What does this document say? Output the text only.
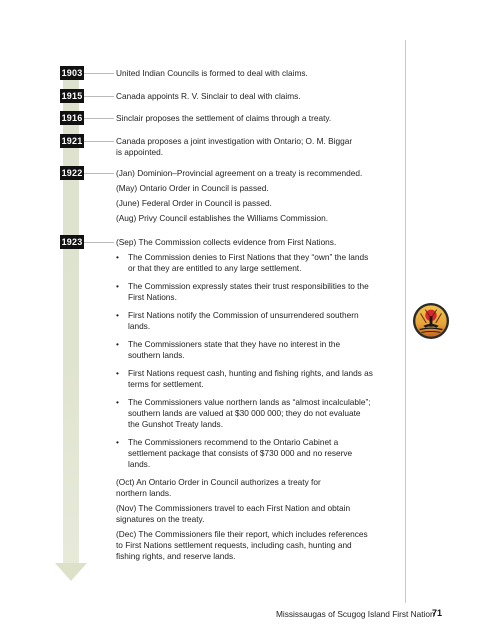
1903	United Indian Councils is formed to deal with claims.
1915	Canada appoints R. V. Sinclair to deal with claims.
1916	Sinclair proposes the settlement of claims through a treaty.
1921	Canada proposes a joint investigation with Ontario; O. M. Biggar
is appointed.
1922	(Jan) Dominion–Provincial agreement on a treaty is recommended.
(May) Ontario Order in Council is passed.
(June) Federal Order in Council is passed.
(Aug) Privy Council establishes the Williams Commission.
1923	(Sep) The Commission collects evidence from First Nations.
• The Commission denies to First Nations that they “own” the lands
or that they are entitled to any large settlement.
• The Commission expressly states their trust responsibilities to the
First Nations.
• First Nations notify the Commission of unsurrendered southern
lands.
• The Commissioners state that they have no interest in the
southern lands.
• First Nations request cash, hunting and fishing rights, and lands as
terms for settlement.
• The Commissioners value northern lands as “almost incalculable”;
southern lands are valued at $30 000 000; they do not evaluate
the Gunshot Treaty lands.
• The Commissioners recommend to the Ontario Cabinet a
settlement package that consists of $730 000 and no reserve
lands.
(Oct) An Ontario Order in Council authorizes a treaty for
northern lands.
(Nov) The Commissioners travel to each First Nation and obtain
signatures on the treaty.
(Dec) The Commissioners file their report, which includes references
to First Nations settlement requests, including cash, hunting and
fishing rights, and reserve lands.
Mississaugas of Scugog Island First Nation
71
